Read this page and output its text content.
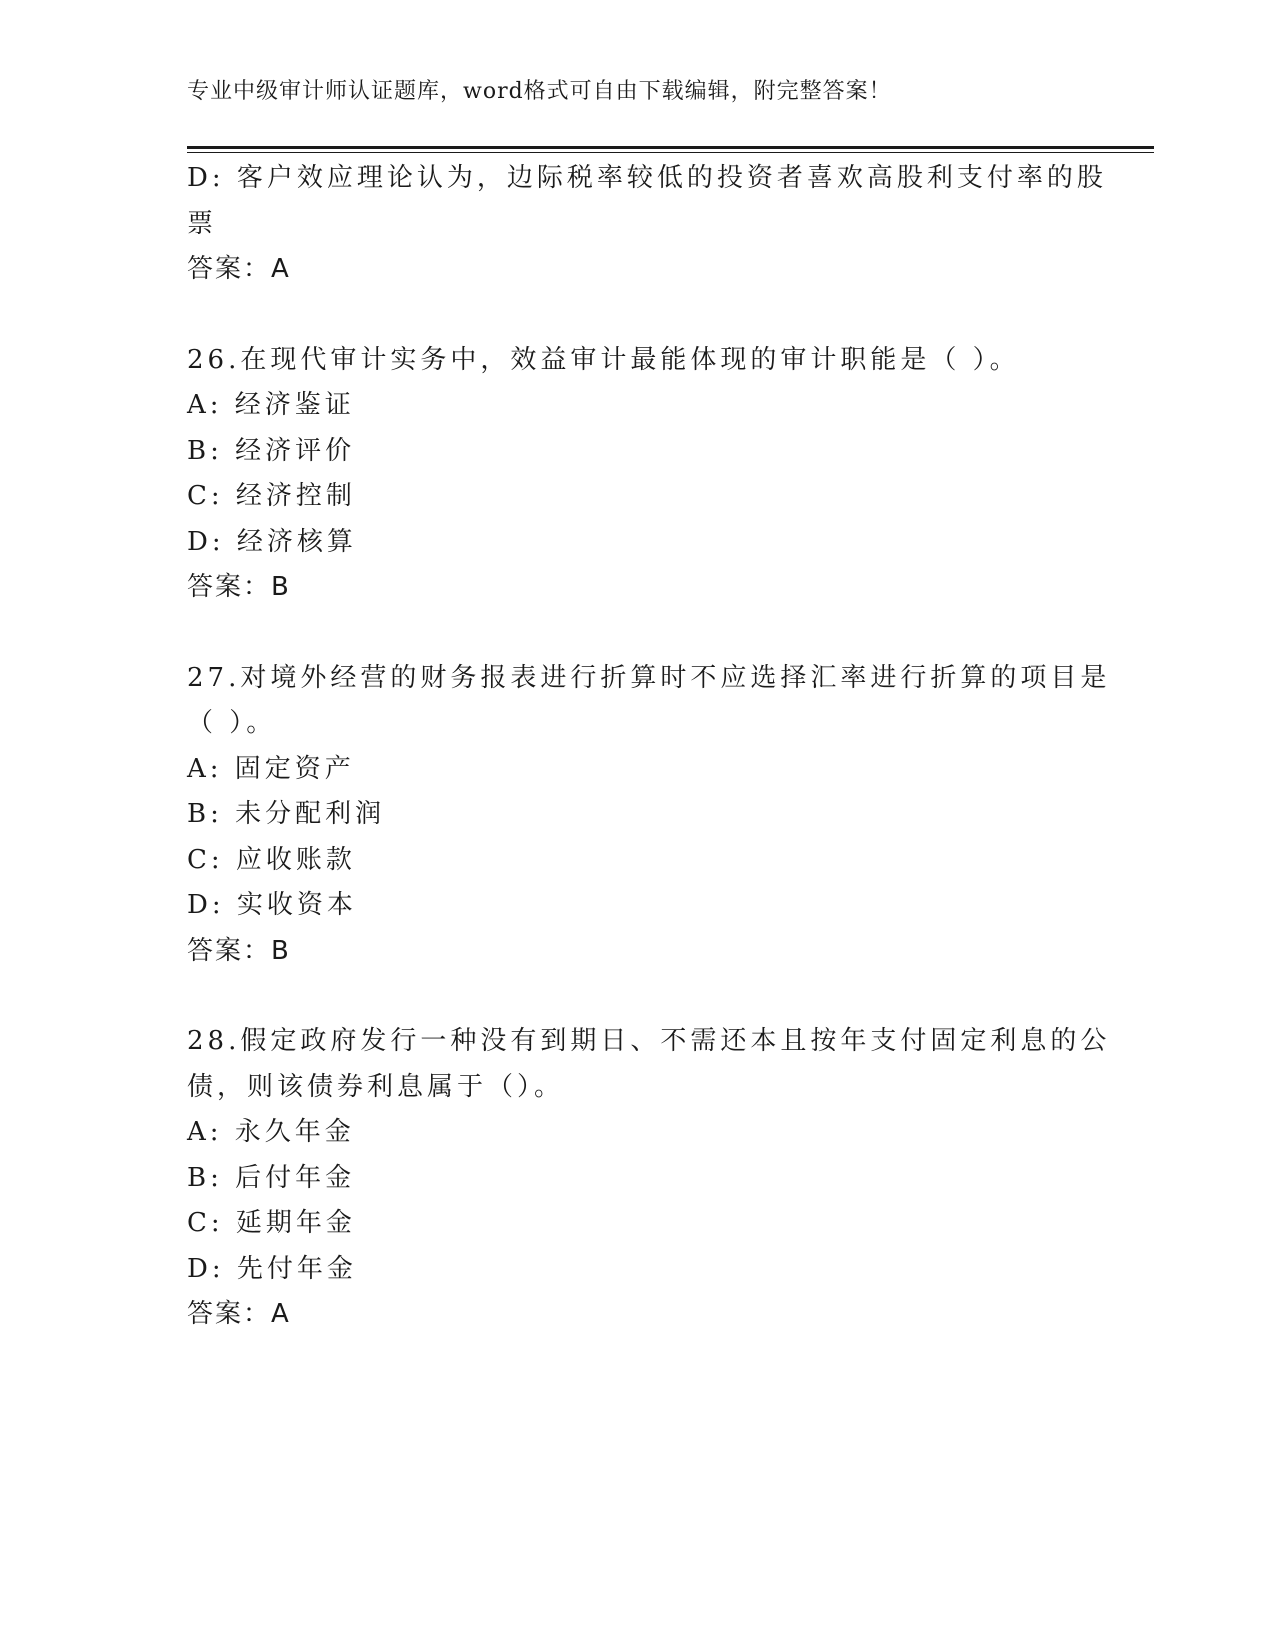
专业中级审计师认证题库，word格式可自由下载编辑，附完整答案！
D: 客户效应理论认为，边际税率较低的投资者喜欢高股利支付率的股
票
答案：A
26.在现代审计实务中，效益审计最能体现的审计职能是（ ）。
A: 经济鉴证
B: 经济评价
C: 经济控制
D: 经济核算
答案：B
27.对境外经营的财务报表进行折算时不应选择汇率进行折算的项目是
（ ）。
A: 固定资产
B: 未分配利润
C: 应收账款
D: 实收资本
答案：B
28.假定政府发行一种没有到期日、不需还本且按年支付固定利息的公
债，则该债券利息属于（）。
A: 永久年金
B: 后付年金
C: 延期年金
D: 先付年金
答案：A
